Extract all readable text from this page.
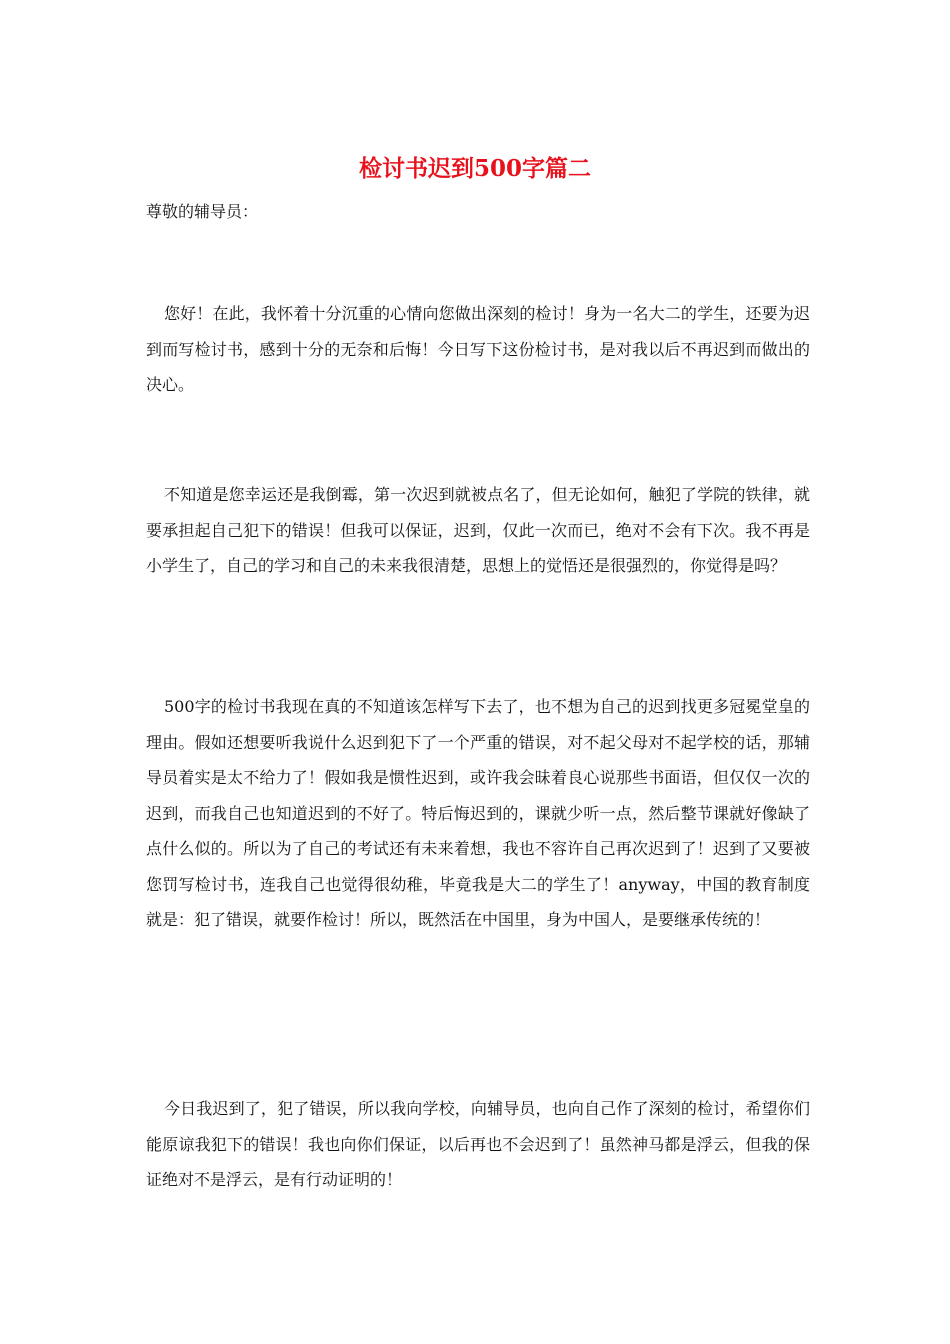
检讨书迟到500字篇二

尊敬的辅导员：

您好！在此，我怀着十分沉重的心情向您做出深刻的检讨！身为一名大二的学生，还要为迟到而写检讨书，感到十分的无奈和后悔！今日写下这份检讨书，是对我以后不再迟到而做出的决心。

不知道是您幸运还是我倒霉，第一次迟到就被点名了，但无论如何，触犯了学院的铁律，就要承担起自己犯下的错误！但我可以保证，迟到，仅此一次而已，绝对不会有下次。我不再是小学生了，自己的学习和自己的未来我很清楚，思想上的觉悟还是很强烈的，你觉得是吗？

500字的检讨书我现在真的不知道该怎样写下去了，也不想为自己的迟到找更多冠冕堂皇的理由。假如还想要听我说什么迟到犯下了一个严重的错误，对不起父母对不起学校的话，那辅导员着实是太不给力了！假如我是惯性迟到，或许我会昧着良心说那些书面语，但仅仅一次的迟到，而我自己也知道迟到的不好了。特后悔迟到的，课就少听一点，然后整节课就好像缺了点什么似的。所以为了自己的考试还有未来着想，我也不容许自己再次迟到了！迟到了又要被您罚写检讨书，连我自己也觉得很幼稚，毕竟我是大二的学生了！anyway，中国的教育制度就是：犯了错误，就要作检讨！所以，既然活在中国里，身为中国人，是要继承传统的！

今日我迟到了，犯了错误，所以我向学校，向辅导员，也向自己作了深刻的检讨，希望你们能原谅我犯下的错误！我也向你们保证，以后再也不会迟到了！虽然神马都是浮云，但我的保证绝对不是浮云，是有行动证明的！
